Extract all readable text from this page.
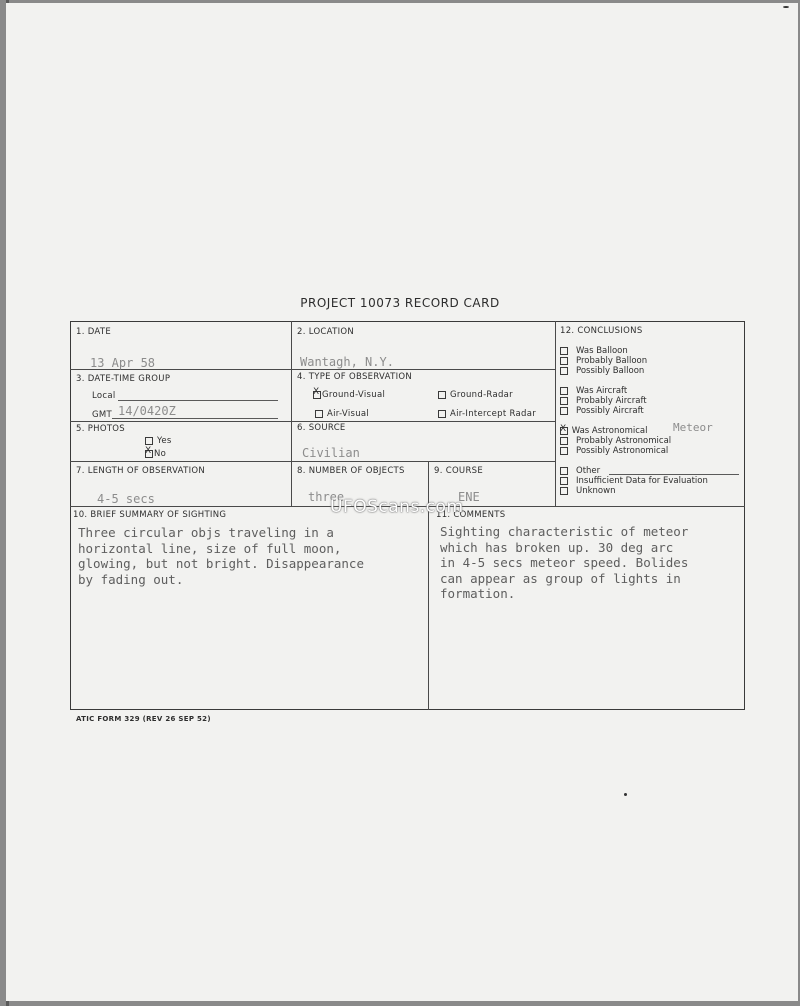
PROJECT 10073 RECORD CARD
1. DATE
13 Apr 58
2. LOCATION
Wantagh, N.Y.
3. DATE-TIME GROUP
Local
GMT 14/0420Z
4. TYPE OF OBSERVATION
X Ground-Visual	Ground-Radar
Air-Visual	Air-Intercept Radar
5. PHOTOS
Yes
X No
6. SOURCE
Civilian
7. LENGTH OF OBSERVATION
4-5 secs
8. NUMBER OF OBJECTS
three
9. COURSE
ENE
10. BRIEF SUMMARY OF SIGHTING
Three circular objs traveling in a
horizontal line, size of full moon,
glowing, but not bright. Disappearance
by fading out.
11. COMMENTS
Sighting characteristic of meteor
which has broken up. 30 deg arc
in 4-5 secs meteor speed. Bolides
can appear as group of lights in
formation.
12. CONCLUSIONS
Was Balloon
Probably Balloon
Possibly Balloon
Was Aircraft
Probably Aircraft
Possibly Aircraft
X Was Astronomical Meteor
Probably Astronomical
Possibly Astronomical
Other
Insufficient Data for Evaluation
Unknown
ATIC FORM 329 (REV 26 SEP 52)
UFOScans.com
